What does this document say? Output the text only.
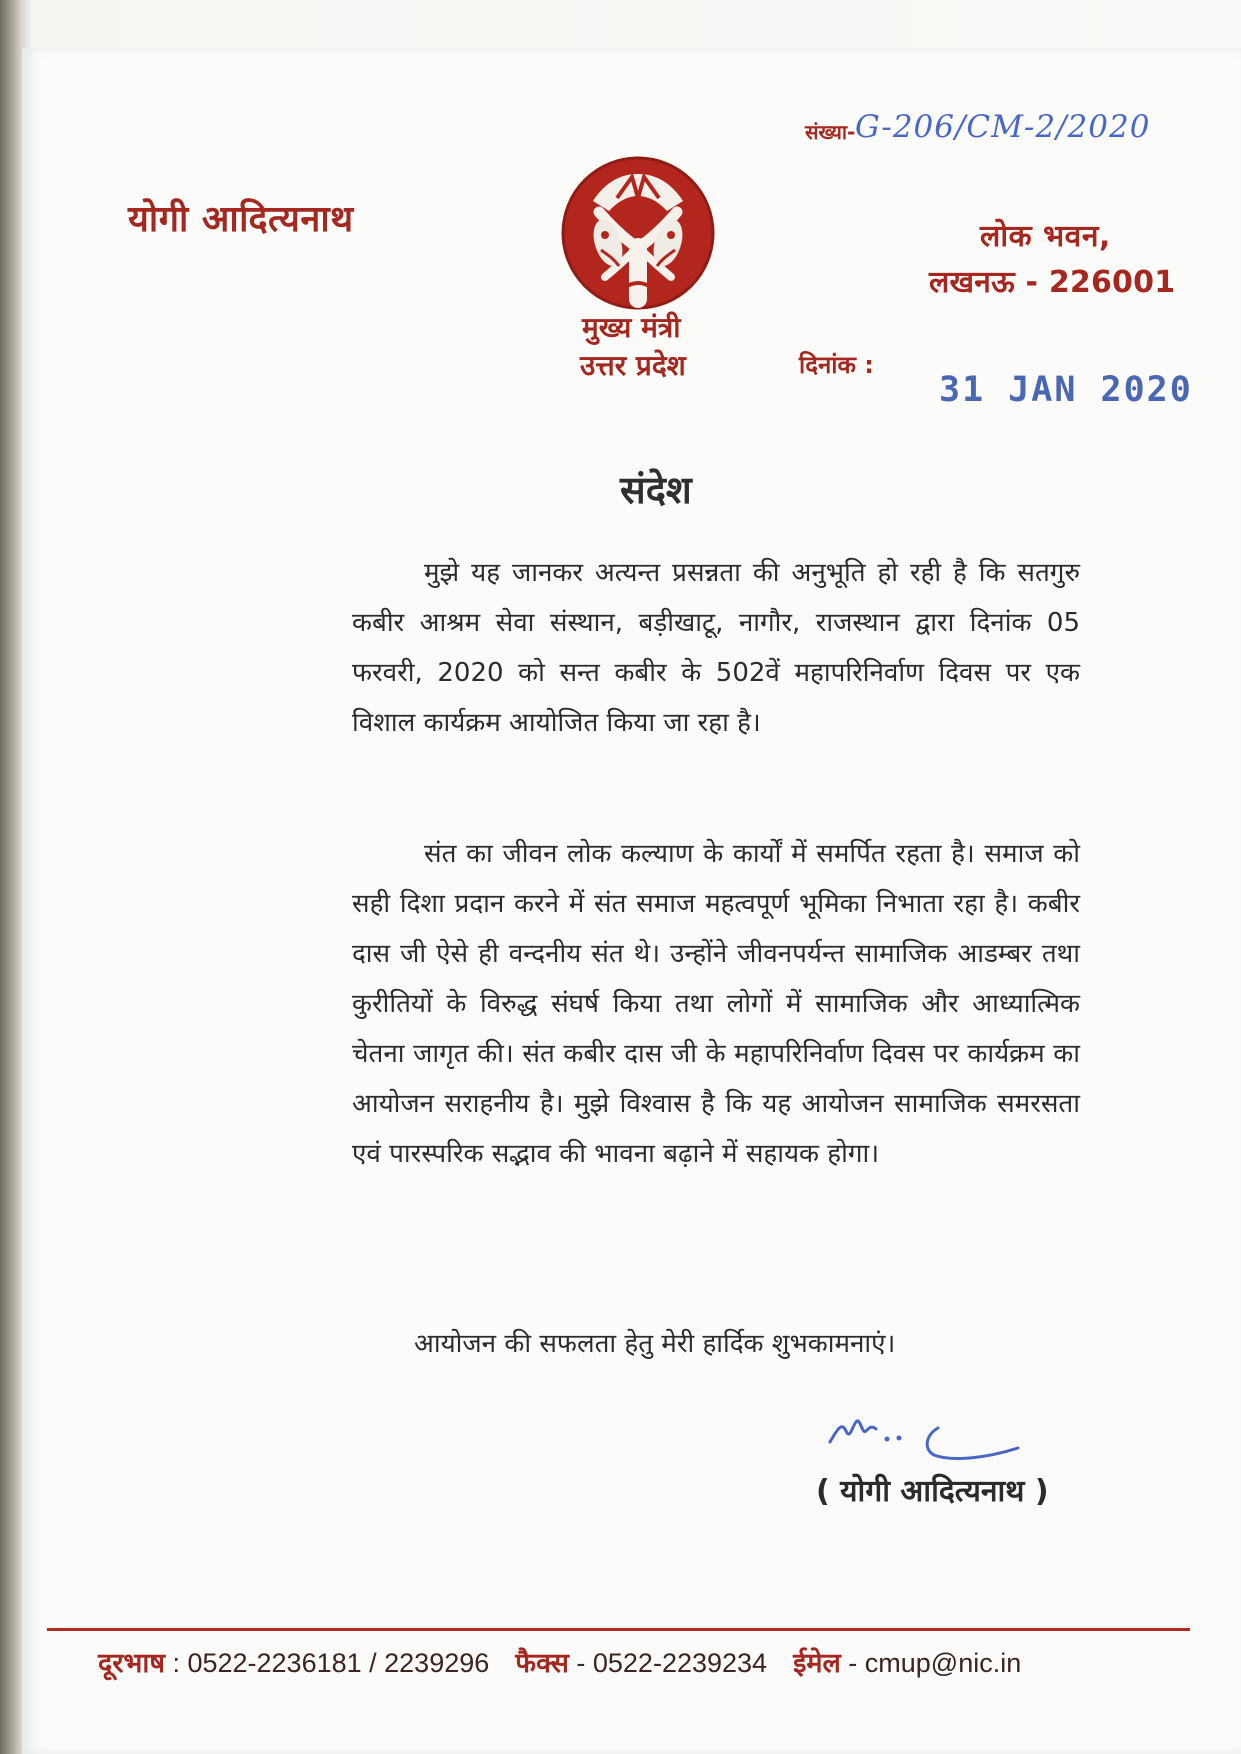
योगी आदित्यनाथ
मुख्य मंत्री
उत्तर प्रदेश
संख्या- G-206/CM-2/2020
लोक भवन,
लखनऊ - 226001
दिनांक :
31 JAN 2020
संदेश

मुझे यह जानकर अत्यन्त प्रसन्नता की अनुभूति हो रही है कि सतगुरु कबीर आश्रम सेवा संस्थान, बड़ीखाटू, नागौर, राजस्थान द्वारा दिनांक 05 फरवरी, 2020 को सन्त कबीर के 502वें महापरिनिर्वाण दिवस पर एक विशाल कार्यक्रम आयोजित किया जा रहा है।

संत का जीवन लोक कल्याण के कार्यों में समर्पित रहता है। समाज को सही दिशा प्रदान करने में संत समाज महत्वपूर्ण भूमिका निभाता रहा है। कबीर दास जी ऐसे ही वन्दनीय संत थे। उन्होंने जीवनपर्यन्त सामाजिक आडम्बर तथा कुरीतियों के विरुद्ध संघर्ष किया तथा लोगों में सामाजिक और आध्यात्मिक चेतना जागृत की। संत कबीर दास जी के महापरिनिर्वाण दिवस पर कार्यक्रम का आयोजन सराहनीय है। मुझे विश्वास है कि यह आयोजन सामाजिक समरसता एवं पारस्परिक सद्भाव की भावना बढ़ाने में सहायक होगा।

आयोजन की सफलता हेतु मेरी हार्दिक शुभकामनाएं।

( योगी आदित्यनाथ )
दूरभाष : 0522-2236181 / 2239296 फैक्स - 0522-2239234 ईमेल - cmup@nic.in
